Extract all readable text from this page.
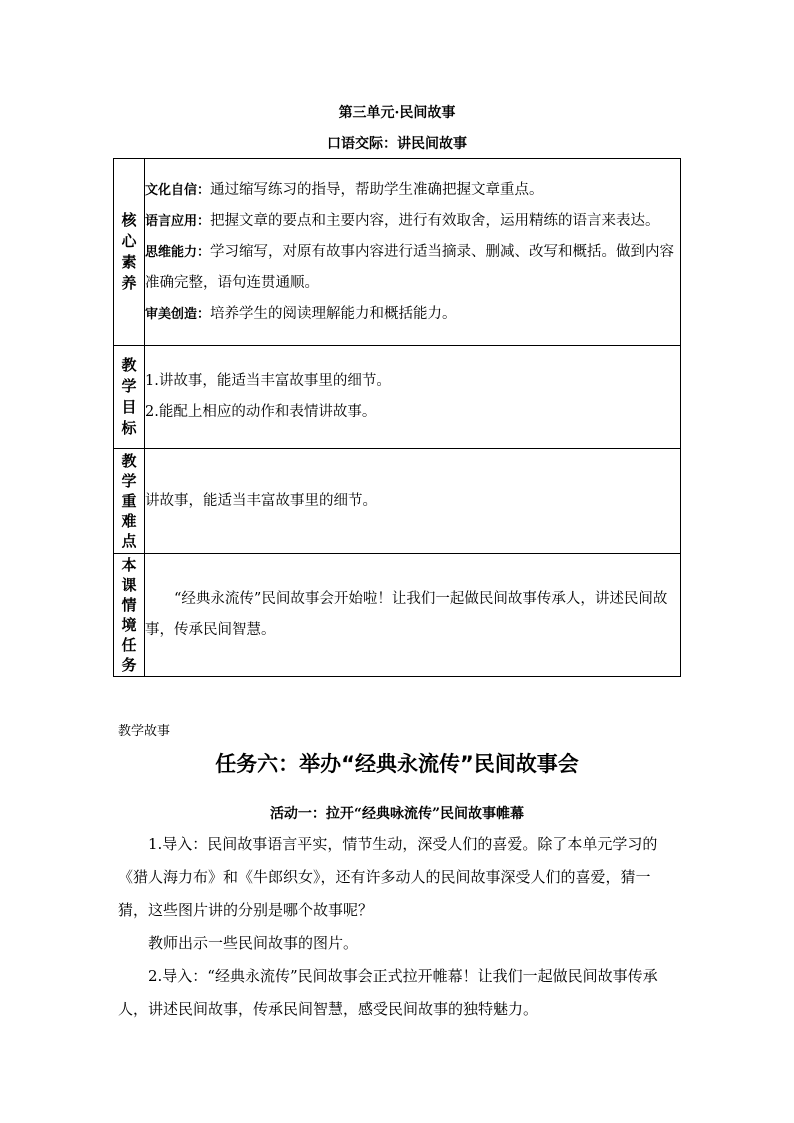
第三单元·民间故事
口语交际：讲民间故事
核心素养	文化自信：通过缩写练习的指导，帮助学生准确把握文章重点。
语言应用：把握文章的要点和主要内容，进行有效取舍，运用精练的语言来表达。
思维能力：学习缩写，对原有故事内容进行适当摘录、删减、改写和概括。做到内容准确完整，语句连贯通顺。
审美创造：培养学生的阅读理解能力和概括能力。

教学目标	1.讲故事，能适当丰富故事里的细节。
2.能配上相应的动作和表情讲故事。

教学重难点	讲故事，能适当丰富故事里的细节。

本课情境任务	“经典永流传”民间故事会开始啦！让我们一起做民间故事传承人，讲述民间故事，传承民间智慧。
教学故事
任务六：举办“经典永流传”民间故事会
活动一：拉开“经典咏流传”民间故事帷幕

1.导入：民间故事语言平实，情节生动，深受人们的喜爱。除了本单元学习的《猎人海力布》和《牛郎织女》，还有许多动人的民间故事深受人们的喜爱，猜一猜，这些图片讲的分别是哪个故事呢？

教师出示一些民间故事的图片。

2.导入：“经典永流传”民间故事会正式拉开帷幕！让我们一起做民间故事传承人，讲述民间故事，传承民间智慧，感受民间故事的独特魅力。
